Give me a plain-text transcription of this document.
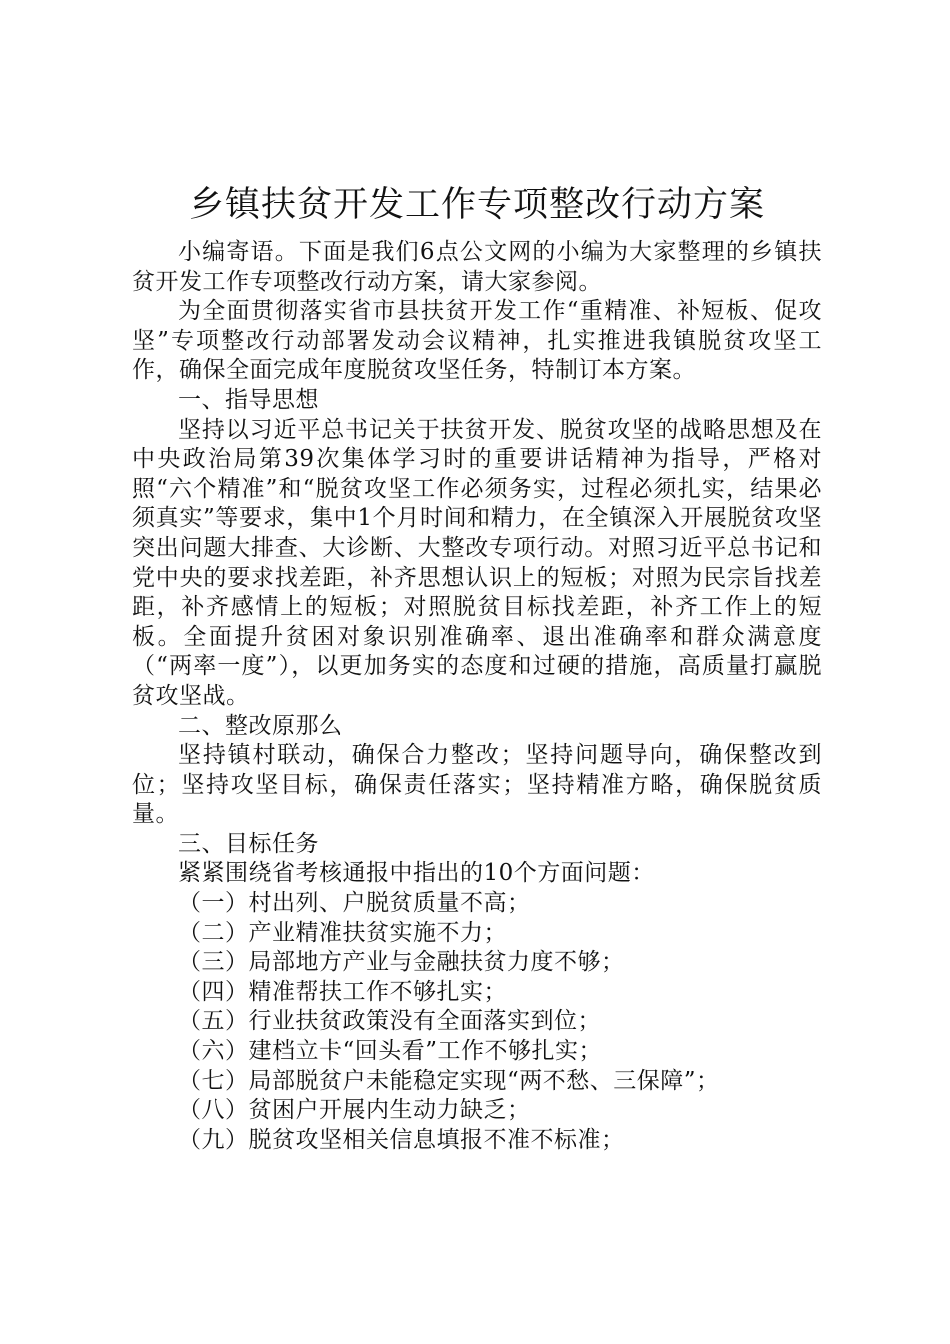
乡镇扶贫开发工作专项整改行动方案

小编寄语。下面是我们6点公文网的小编为大家整理的乡镇扶贫开发工作专项整改行动方案，请大家参阅。

为全面贯彻落实省市县扶贫开发工作“重精准、补短板、促攻坚”专项整改行动部署发动会议精神，扎实推进我镇脱贫攻坚工作，确保全面完成年度脱贫攻坚任务，特制订本方案。

一、指导思想

坚持以习近平总书记关于扶贫开发、脱贫攻坚的战略思想及在中央政治局第39次集体学习时的重要讲话精神为指导，严格对照“六个精准”和“脱贫攻坚工作必须务实，过程必须扎实，结果必须真实”等要求，集中1个月时间和精力，在全镇深入开展脱贫攻坚突出问题大排查、大诊断、大整改专项行动。对照习近平总书记和党中央的要求找差距，补齐思想认识上的短板；对照为民宗旨找差距，补齐感情上的短板；对照脱贫目标找差距，补齐工作上的短板。全面提升贫困对象识别准确率、退出准确率和群众满意度（“两率一度”），以更加务实的态度和过硬的措施，高质量打赢脱贫攻坚战。

二、整改原那么

坚持镇村联动，确保合力整改；坚持问题导向，确保整改到位；坚持攻坚目标，确保责任落实；坚持精准方略，确保脱贫质量。

三、目标任务

紧紧围绕省考核通报中指出的10个方面问题：

（一）村出列、户脱贫质量不高；

（二）产业精准扶贫实施不力；

（三）局部地方产业与金融扶贫力度不够；

（四）精准帮扶工作不够扎实；

（五）行业扶贫政策没有全面落实到位；

（六）建档立卡“回头看”工作不够扎实；

（七）局部脱贫户未能稳定实现“两不愁、三保障”；

（八）贫困户开展内生动力缺乏；

（九）脱贫攻坚相关信息填报不准不标准；
